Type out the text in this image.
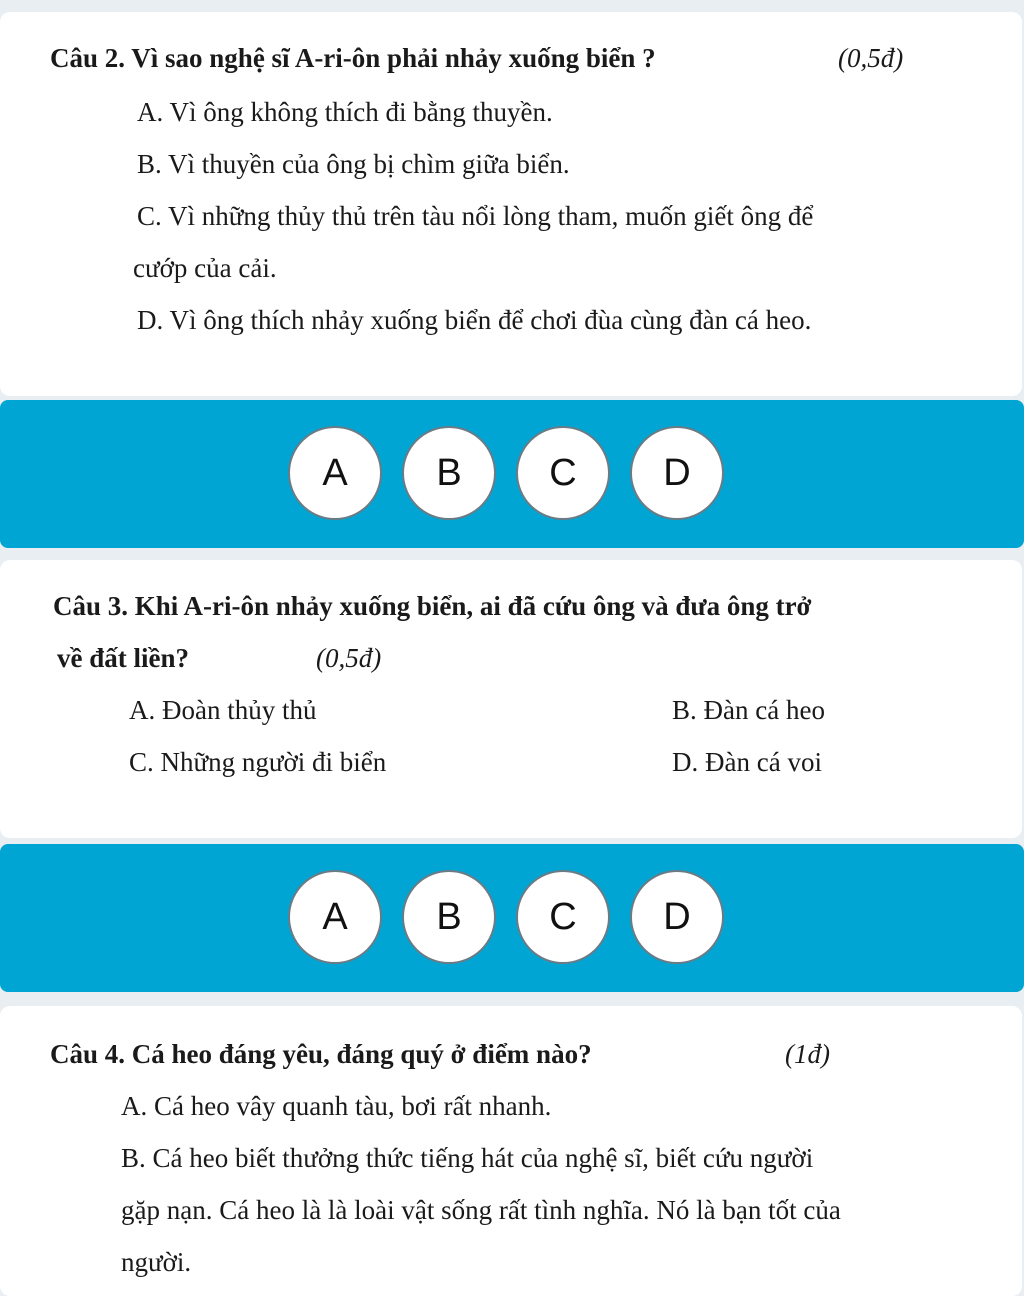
Câu 2. Vì sao nghệ sĩ A-ri-ôn phải nhảy xuống biển ?	(0,5đ)
A. Vì ông không thích đi bằng thuyền.
B. Vì thuyền của ông bị chìm giữa biển.
C. Vì những thủy thủ trên tàu nổi lòng tham, muốn giết ông để
cướp của cải.
D. Vì ông thích nhảy xuống biển để chơi đùa cùng đàn cá heo.
A	B	C	D
Câu 3. Khi A-ri-ôn nhảy xuống biển, ai đã cứu ông và đưa ông trở
về đất liền?	(0,5đ)
A. Đoàn thủy thủ	B. Đàn cá heo
C. Những người đi biển	D. Đàn cá voi
A	B	C	D
Câu 4. Cá heo đáng yêu, đáng quý ở điểm nào?	(1đ)
A. Cá heo vây quanh tàu, bơi rất nhanh.
B. Cá heo biết thưởng thức tiếng hát của nghệ sĩ, biết cứu người
gặp nạn. Cá heo là là loài vật sống rất tình nghĩa. Nó là bạn tốt của
người.
